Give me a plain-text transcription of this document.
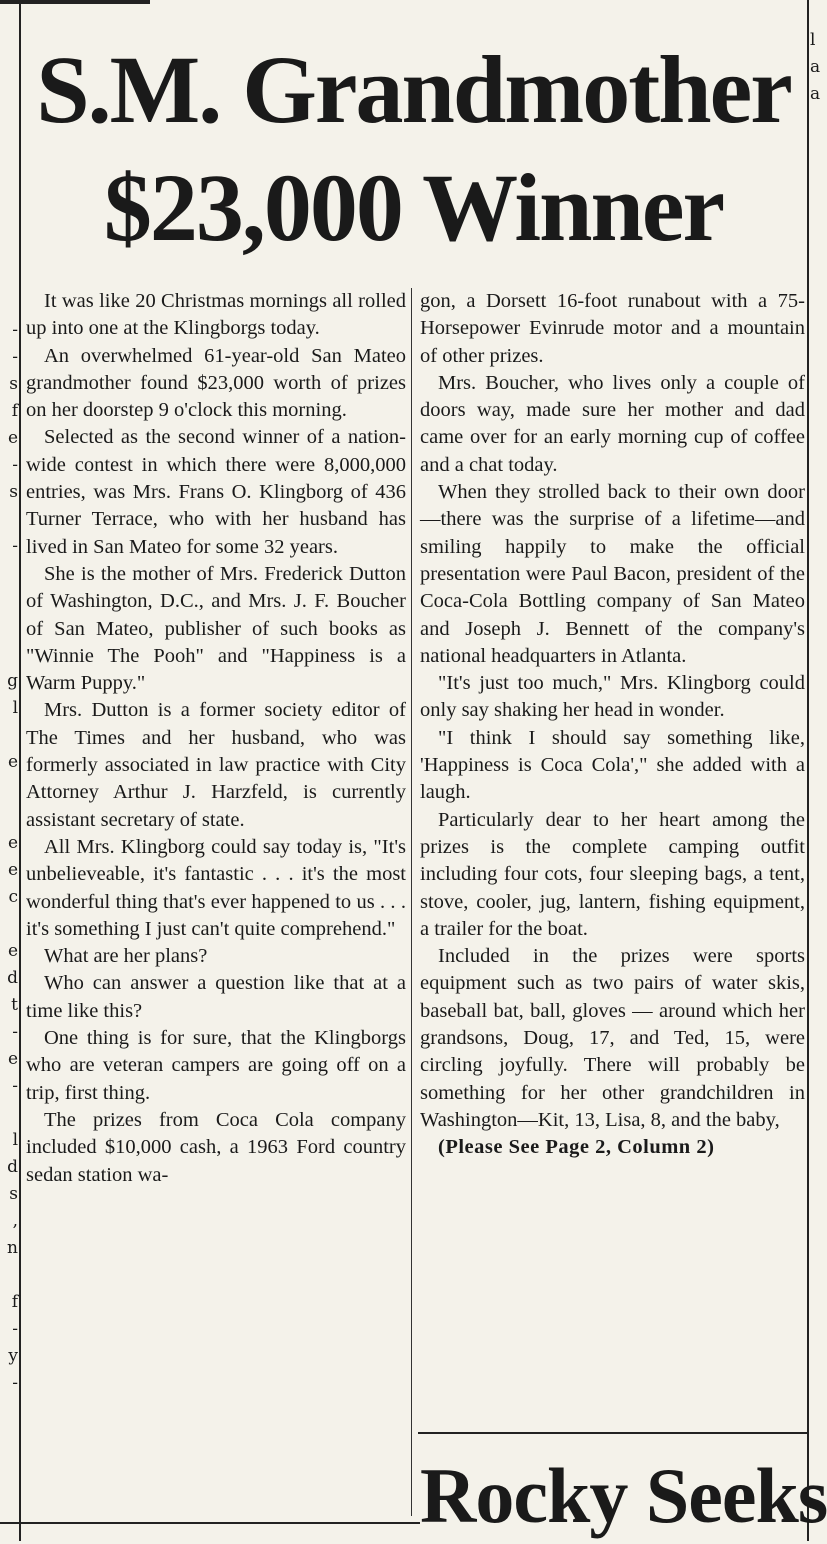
-
-
s
f
e
-
s
-
g
l
e
e
e
c
e
d
t
-
e
-
l
d
s
,
n
f
-
y
-
l
a
a
S.M. Grandmother
$23,000 Winner

It was like 20 Christmas mornings all rolled up into one at the Klingborgs today.

An overwhelmed 61-year-old San Mateo grandmother found $23,000 worth of prizes on her doorstep 9 o'clock this morning.

Selected as the second winner of a nation-wide contest in which there were 8,000,000 entries, was Mrs. Frans O. Klingborg of 436 Turner Terrace, who with her husband has lived in San Mateo for some 32 years.

She is the mother of Mrs. Frederick Dutton of Washington, D.C., and Mrs. J. F. Boucher of San Mateo, publisher of such books as "Winnie The Pooh" and "Happiness is a Warm Puppy."

Mrs. Dutton is a former society editor of The Times and her husband, who was formerly associated in law practice with City Attorney Arthur J. Harzfeld, is currently assistant secretary of state.

All Mrs. Klingborg could say today is, "It's unbelieveable, it's fantastic . . . it's the most wonderful thing that's ever happened to us . . . it's something I just can't quite comprehend."

What are her plans?

Who can answer a question like that at a time like this?

One thing is for sure, that the Klingborgs who are veteran campers are going off on a trip, first thing.

The prizes from Coca Cola company included $10,000 cash, a 1963 Ford country sedan station wa-

gon, a Dorsett 16-foot runabout with a 75-Horsepower Evinrude motor and a mountain of other prizes.

Mrs. Boucher, who lives only a couple of doors way, made sure her mother and dad came over for an early morning cup of coffee and a chat today.

When they strolled back to their own door—there was the surprise of a lifetime—and smiling happily to make the official presentation were Paul Bacon, president of the Coca-Cola Bottling company of San Mateo and Joseph J. Bennett of the company's national headquarters in Atlanta.

"It's just too much," Mrs. Klingborg could only say shaking her head in wonder.

"I think I should say something like, 'Happiness is Coca Cola'," she added with a laugh.

Particularly dear to her heart among the prizes is the complete camping outfit including four cots, four sleeping bags, a tent, stove, cooler, jug, lantern, fishing equipment, a trailer for the boat.

Included in the prizes were sports equipment such as two pairs of water skis, baseball bat, ball, gloves — around which her grandsons, Doug, 17, and Ted, 15, were circling joyfully. There will probably be something for her other grandchildren in Washington—Kit, 13, Lisa, 8, and the baby,

(Please See Page 2, Column 2)

Rocky Seeks
